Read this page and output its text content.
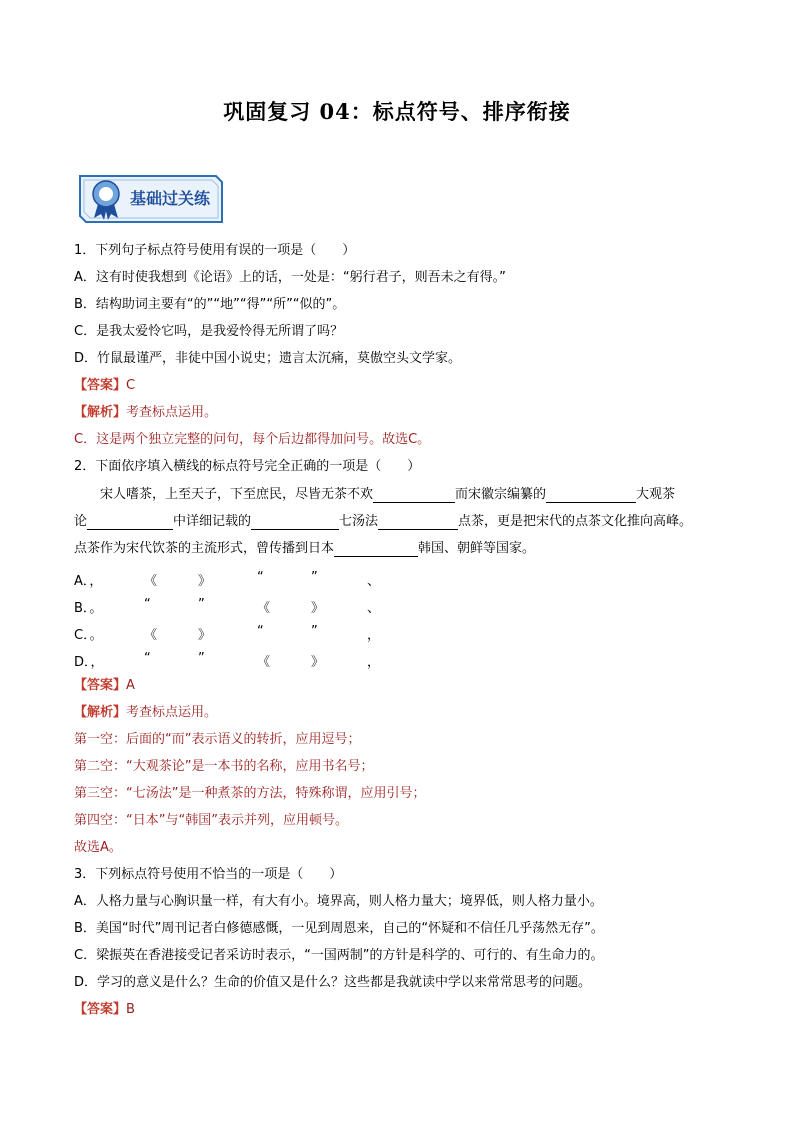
巩固复习 04：标点符号、排序衔接
基础过关练
1．下列句子标点符号使用有误的一项是（　　）
A．这有时使我想到《论语》上的话，一处是：“躬行君子，则吾未之有得。”
B．结构助词主要有“的”“地”“得”“所”“似的”。
C．是我太爱怜它吗，是我爱怜得无所谓了吗？
D．竹鼠最谨严，非徒中国小说史；遗言太沉痛，莫傲空头文学家。
【答案】C
【解析】考查标点运用。
C．这是两个独立完整的问句，每个后边都得加问号。故选C。
2．下面依序填入横线的标点符号完全正确的一项是（　　）
宋人嗜茶，上至天子，下至庶民，尽皆无茶不欢	而宋徽宗编纂的	大观茶
论	中详细记载的	七汤法	点茶，更是把宋代的点茶文化推向高峰。
点茶作为宋代饮茶的主流形式，曾传播到日本	韩国、朝鲜等国家。
A．，	《	》	“	”	、
B．。	“	”	《	》	、
C．。	《	》	“	”	，
D．，	“	”	《	》	，
【答案】A
【解析】考查标点运用。
第一空：后面的“而”表示语义的转折，应用逗号；
第二空：“大观茶论”是一本书的名称，应用书名号；
第三空：“七汤法”是一种煮茶的方法，特殊称谓，应用引号；
第四空：“日本”与“韩国”表示并列，应用顿号。
故选A。
3．下列标点符号使用不恰当的一项是（　　）
A．人格力量与心胸识量一样，有大有小。境界高，则人格力量大；境界低，则人格力量小。
B．美国“时代”周刊记者白修德感慨，一见到周恩来，自己的“怀疑和不信任几乎荡然无存”。
C．梁振英在香港接受记者采访时表示，“一国两制”的方针是科学的、可行的、有生命力的。
D．学习的意义是什么？生命的价值又是什么？这些都是我就读中学以来常常思考的问题。
【答案】B
